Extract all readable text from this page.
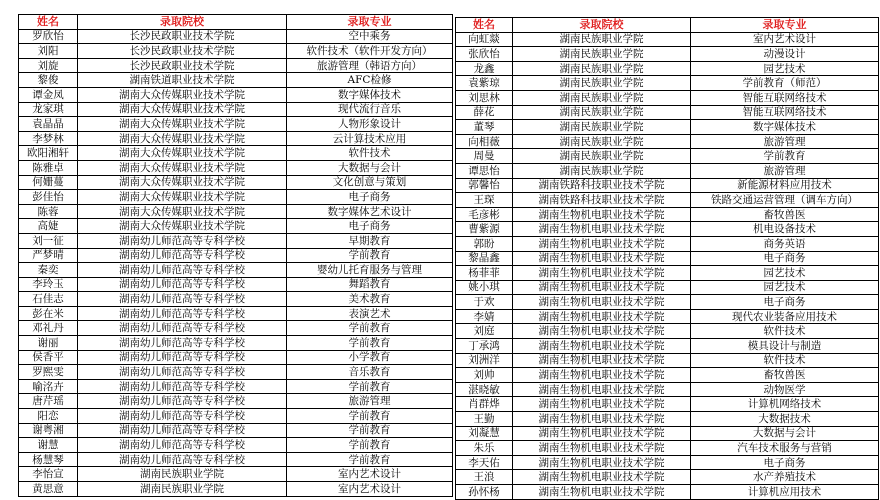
姓名	录取院校	录取专业
罗欣怡	长沙民政职业技术学院	空中乘务
刘阳	长沙民政职业技术学院	软件技术（软件开发方向）
刘旋	长沙民政职业技术学院	旅游管理（韩语方向）
黎俊	湖南铁道职业技术学院	AFC检修
谭金凤	湖南大众传媒职业技术学院	数字媒体技术
龙家琪	湖南大众传媒职业技术学院	现代流行音乐
袁晶晶	湖南大众传媒职业技术学院	人物形象设计
李梦林	湖南大众传媒职业技术学院	云计算技术应用
欧阳湘轩	湖南大众传媒职业技术学院	软件技术
陈雅卓	湖南大众传媒职业技术学院	大数据与会计
何姗蔓	湖南大众传媒职业技术学院	文化创意与策划
彭佳怡	湖南大众传媒职业技术学院	电子商务
陈蓉	湖南大众传媒职业技术学院	数字媒体艺术设计
高婕	湖南大众传媒职业技术学院	电子商务
刘一征	湖南幼儿师范高等专科学校	早期教育
严梦晴	湖南幼儿师范高等专科学校	学前教育
秦奕	湖南幼儿师范高等专科学校	婴幼儿托育服务与管理
李玲玉	湖南幼儿师范高等专科学校	舞蹈教育
石佳志	湖南幼儿师范高等专科学校	美术教育
彭在米	湖南幼儿师范高等专科学校	表演艺术
邓礼丹	湖南幼儿师范高等专科学校	学前教育
谢丽	湖南幼儿师范高等专科学校	学前教育
侯香平	湖南幼儿师范高等专科学校	小学教育
罗熙雯	湖南幼儿师范高等专科学校	音乐教育
喻洺卉	湖南幼儿师范高等专科学校	学前教育
唐芹瑶	湖南幼儿师范高等专科学校	旅游管理
阳恋	湖南幼儿师范高等专科学校	学前教育
谢粤湘	湖南幼儿师范高等专科学校	学前教育
谢慧	湖南幼儿师范高等专科学校	学前教育
杨慧琴	湖南幼儿师范高等专科学校	学前教育
李怡宣	湖南民族职业学院	室内艺术设计
黄思意	湖南民族职业学院	室内艺术设计
姓名	录取院校	录取专业
向虹燚	湖南民族职业学院	室内艺术设计
张欣怡	湖南民族职业学院	动漫设计
龙鑫	湖南民族职业学院	园艺技术
袁紫琼	湖南民族职业学院	学前教育（师范）
刘思林	湖南民族职业学院	智能互联网络技术
薛花	湖南民族职业学院	智能互联网络技术
董琴	湖南民族职业学院	数字媒体技术
向相薇	湖南民族职业学院	旅游管理
周曼	湖南民族职业学院	学前教育
谭思怡	湖南民族职业学院	旅游管理
郭馨怡	湖南铁路科技职业技术学院	新能源材料应用技术
王琛	湖南铁路科技职业技术学院	铁路交通运营管理（调车方向）
毛彦彬	湖南生物机电职业技术学院	畜牧兽医
曹紫源	湖南生物机电职业技术学院	机电设备技术
郭盼	湖南生物机电职业技术学院	商务英语
黎晶鑫	湖南生物机电职业技术学院	电子商务
杨菲菲	湖南生物机电职业技术学院	园艺技术
姚小琪	湖南生物机电职业技术学院	园艺技术
于欢	湖南生物机电职业技术学院	电子商务
李婧	湖南生物机电职业技术学院	现代农业装备应用技术
刘庭	湖南生物机电职业技术学院	软件技术
丁承鸿	湖南生物机电职业技术学院	模具设计与制造
刘洲洋	湖南生物机电职业技术学院	软件技术
刘帅	湖南生物机电职业技术学院	畜牧兽医
湛晓敏	湖南生物机电职业技术学院	动物医学
肖群烨	湖南生物机电职业技术学院	计算机网络技术
王勤	湖南生物机电职业技术学院	大数据技术
刘凝慧	湖南生物机电职业技术学院	大数据与会计
朱乐	湖南生物机电职业技术学院	汽车技术服务与营销
李天佑	湖南生物机电职业技术学院	电子商务
王浪	湖南生物机电职业技术学院	水产养殖技术
孙怀杨	湖南生物机电职业技术学院	计算机应用技术
